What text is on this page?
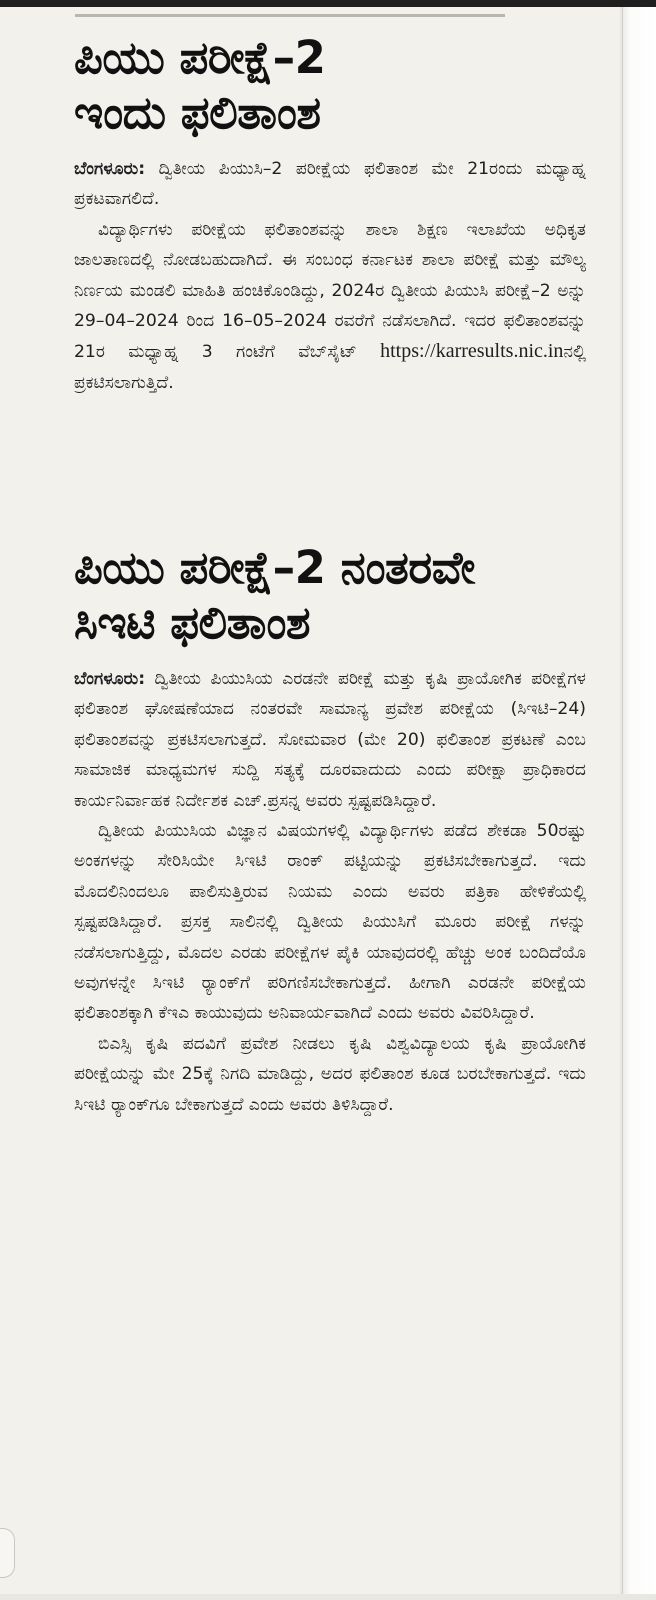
ಪಿಯು ಪರೀಕ್ಷೆ–2
ಇಂದು ಫಲಿತಾಂಶ

ಬೆಂಗಳೂರು: ದ್ವಿತೀಯ ಪಿಯುಸಿ–2 ಪರೀಕ್ಷೆಯ ಫಲಿತಾಂಶ ಮೇ 21ರಂದು ಮಧ್ಯಾಹ್ನ ಪ್ರಕಟವಾಗಲಿದೆ.

ವಿದ್ಯಾರ್ಥಿಗಳು ಪರೀಕ್ಷೆಯ ಫಲಿತಾಂಶವನ್ನು ಶಾಲಾ ಶಿಕ್ಷಣ ಇಲಾಖೆಯ ಅಧಿಕೃತ ಜಾಲತಾಣದಲ್ಲಿ ನೋಡಬಹುದಾಗಿದೆ. ಈ ಸಂಬಂಧ ಕರ್ನಾಟಕ ಶಾಲಾ ಪರೀಕ್ಷೆ ಮತ್ತು ಮೌಲ್ಯ ನಿರ್ಣಯ ಮಂಡಲಿ ಮಾಹಿತಿ ಹಂಚಿಕೊಂಡಿದ್ದು, 2024ರ ದ್ವಿತೀಯ ಪಿಯುಸಿ ಪರೀಕ್ಷೆ–2 ಅನ್ನು 29–04–2024 ರಿಂದ 16–05–2024 ರವರೆಗೆ ನಡೆಸಲಾಗಿದೆ. ಇದರ ಫಲಿತಾಂಶವನ್ನು 21ರ ಮಧ್ಯಾಹ್ನ 3 ಗಂಟೆಗೆ ವೆಬ್‌ಸೈಟ್ https://karresults.nic.inನಲ್ಲಿ ಪ್ರಕಟಿಸಲಾಗುತ್ತಿದೆ.

ಪಿಯು ಪರೀಕ್ಷೆ–2 ನಂತರವೇ
ಸಿಇಟಿ ಫಲಿತಾಂಶ

ಬೆಂಗಳೂರು: ದ್ವಿತೀಯ ಪಿಯುಸಿಯ ಎರಡನೇ ಪರೀಕ್ಷೆ ಮತ್ತು ಕೃಷಿ ಪ್ರಾಯೋಗಿಕ ಪರೀಕ್ಷೆಗಳ ಫಲಿತಾಂಶ ಘೋಷಣೆಯಾದ ನಂತರವೇ ಸಾಮಾನ್ಯ ಪ್ರವೇಶ ಪರೀಕ್ಷೆಯ (ಸಿಇಟಿ–24) ಫಲಿತಾಂಶವನ್ನು ಪ್ರಕಟಿಸಲಾಗುತ್ತದೆ. ಸೋಮವಾರ (ಮೇ 20) ಫಲಿತಾಂಶ ಪ್ರಕಟಣೆ ಎಂಬ ಸಾಮಾಜಿಕ ಮಾಧ್ಯಮಗಳ ಸುದ್ದಿ ಸತ್ಯಕ್ಕೆ ದೂರವಾದುದು ಎಂದು ಪರೀಕ್ಷಾ ಪ್ರಾಧಿಕಾರದ ಕಾರ್ಯನಿರ್ವಾಹಕ ನಿರ್ದೇಶಕ ಎಚ್.ಪ್ರಸನ್ನ ಅವರು ಸ್ಪಷ್ಟಪಡಿಸಿದ್ದಾರೆ.

ದ್ವಿತೀಯ ಪಿಯುಸಿಯ ವಿಜ್ಞಾನ ವಿಷಯಗಳಲ್ಲಿ ವಿದ್ಯಾರ್ಥಿಗಳು ಪಡೆದ ಶೇಕಡಾ 50ರಷ್ಟು ಅಂಕಗಳನ್ನು ಸೇರಿಸಿಯೇ ಸಿಇಟಿ ರಾಂಕ್ ಪಟ್ಟಿಯನ್ನು ಪ್ರಕಟಿಸಬೇಕಾಗುತ್ತದೆ. ಇದು ಮೊದಲಿನಿಂದಲೂ ಪಾಲಿಸುತ್ತಿರುವ ನಿಯಮ ಎಂದು ಅವರು ಪತ್ರಿಕಾ ಹೇಳಿಕೆಯಲ್ಲಿ ಸ್ಪಷ್ಟಪಡಿಸಿದ್ದಾರೆ. ಪ್ರಸಕ್ತ ಸಾಲಿನಲ್ಲಿ ದ್ವಿತೀಯ ಪಿಯುಸಿಗೆ ಮೂರು ಪರೀಕ್ಷೆ ಗಳನ್ನು ನಡೆಸಲಾಗುತ್ತಿದ್ದು, ಮೊದಲ ಎರಡು ಪರೀಕ್ಷೆಗಳ ಪೈಕಿ ಯಾವುದರಲ್ಲಿ ಹೆಚ್ಚು ಅಂಕ ಬಂದಿದೆಯೊ ಅವುಗಳನ್ನೇ ಸಿಇಟಿ ರ‍್ಯಾಂಕ್‌ಗೆ ಪರಿಗಣಿಸಬೇಕಾಗುತ್ತದೆ. ಹೀಗಾಗಿ ಎರಡನೇ ಪರೀಕ್ಷೆಯ ಫಲಿತಾಂಶಕ್ಕಾಗಿ ಕೆಇಎ ಕಾಯುವುದು ಅನಿವಾರ್ಯವಾಗಿದೆ ಎಂದು ಅವರು ವಿವರಿಸಿದ್ದಾರೆ.

ಬಿಎಸ್ಸಿ ಕೃಷಿ ಪದವಿಗೆ ಪ್ರವೇಶ ನೀಡಲು ಕೃಷಿ ವಿಶ್ವವಿದ್ಯಾಲಯ ಕೃಷಿ ಪ್ರಾಯೋಗಿಕ ಪರೀಕ್ಷೆಯನ್ನು ಮೇ 25ಕ್ಕೆ ನಿಗದಿ ಮಾಡಿದ್ದು, ಅದರ ಫಲಿತಾಂಶ ಕೂಡ ಬರಬೇಕಾಗುತ್ತದೆ. ಇದು ಸಿಇಟಿ ರ‍್ಯಾಂಕ್‌ಗೂ ಬೇಕಾಗುತ್ತದೆ ಎಂದು ಅವರು ತಿಳಿಸಿದ್ದಾರೆ.
